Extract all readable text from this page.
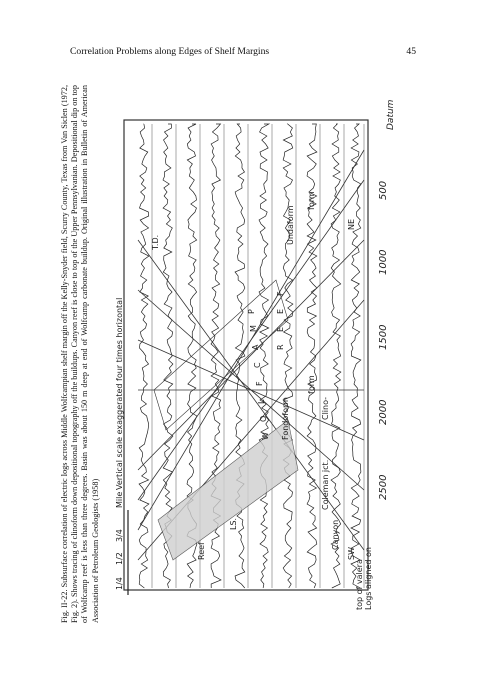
Correlation Problems along Edges of Shelf Margins	45
Canyon
Fondoform
Reef
LS.
Coleman jct.
Clino-
form
Undaform
form
SW
NE
T.D.
Logs aligned on
top of valera
W
O
L
F
C
A
M
P
R
E
E
F
500
1000
1500
2000
2500
Datum
1/4
1/2
3/4
Mile
Vertical scale exaggerated four times horizontal
Fig. II-22. Subsurface correlation of electric logs across Middle Wolfcampian shelf margin off the Kelly-Snyder field, Scurry County, Texas from Van Siclen (1972, Fig. 2). Shows tracing of clinoform down depositional topography off the buildups. Canyon reef is close to top of the Upper Pennsylvanian. Depositional dip on top of Wolfcamp reef is less than three degrees. Basin was about 150 m deep at end of Wolfcamp carbonate buildup. Original illustration in Bulletin of American Association of Petroleum Geologists (1958)
